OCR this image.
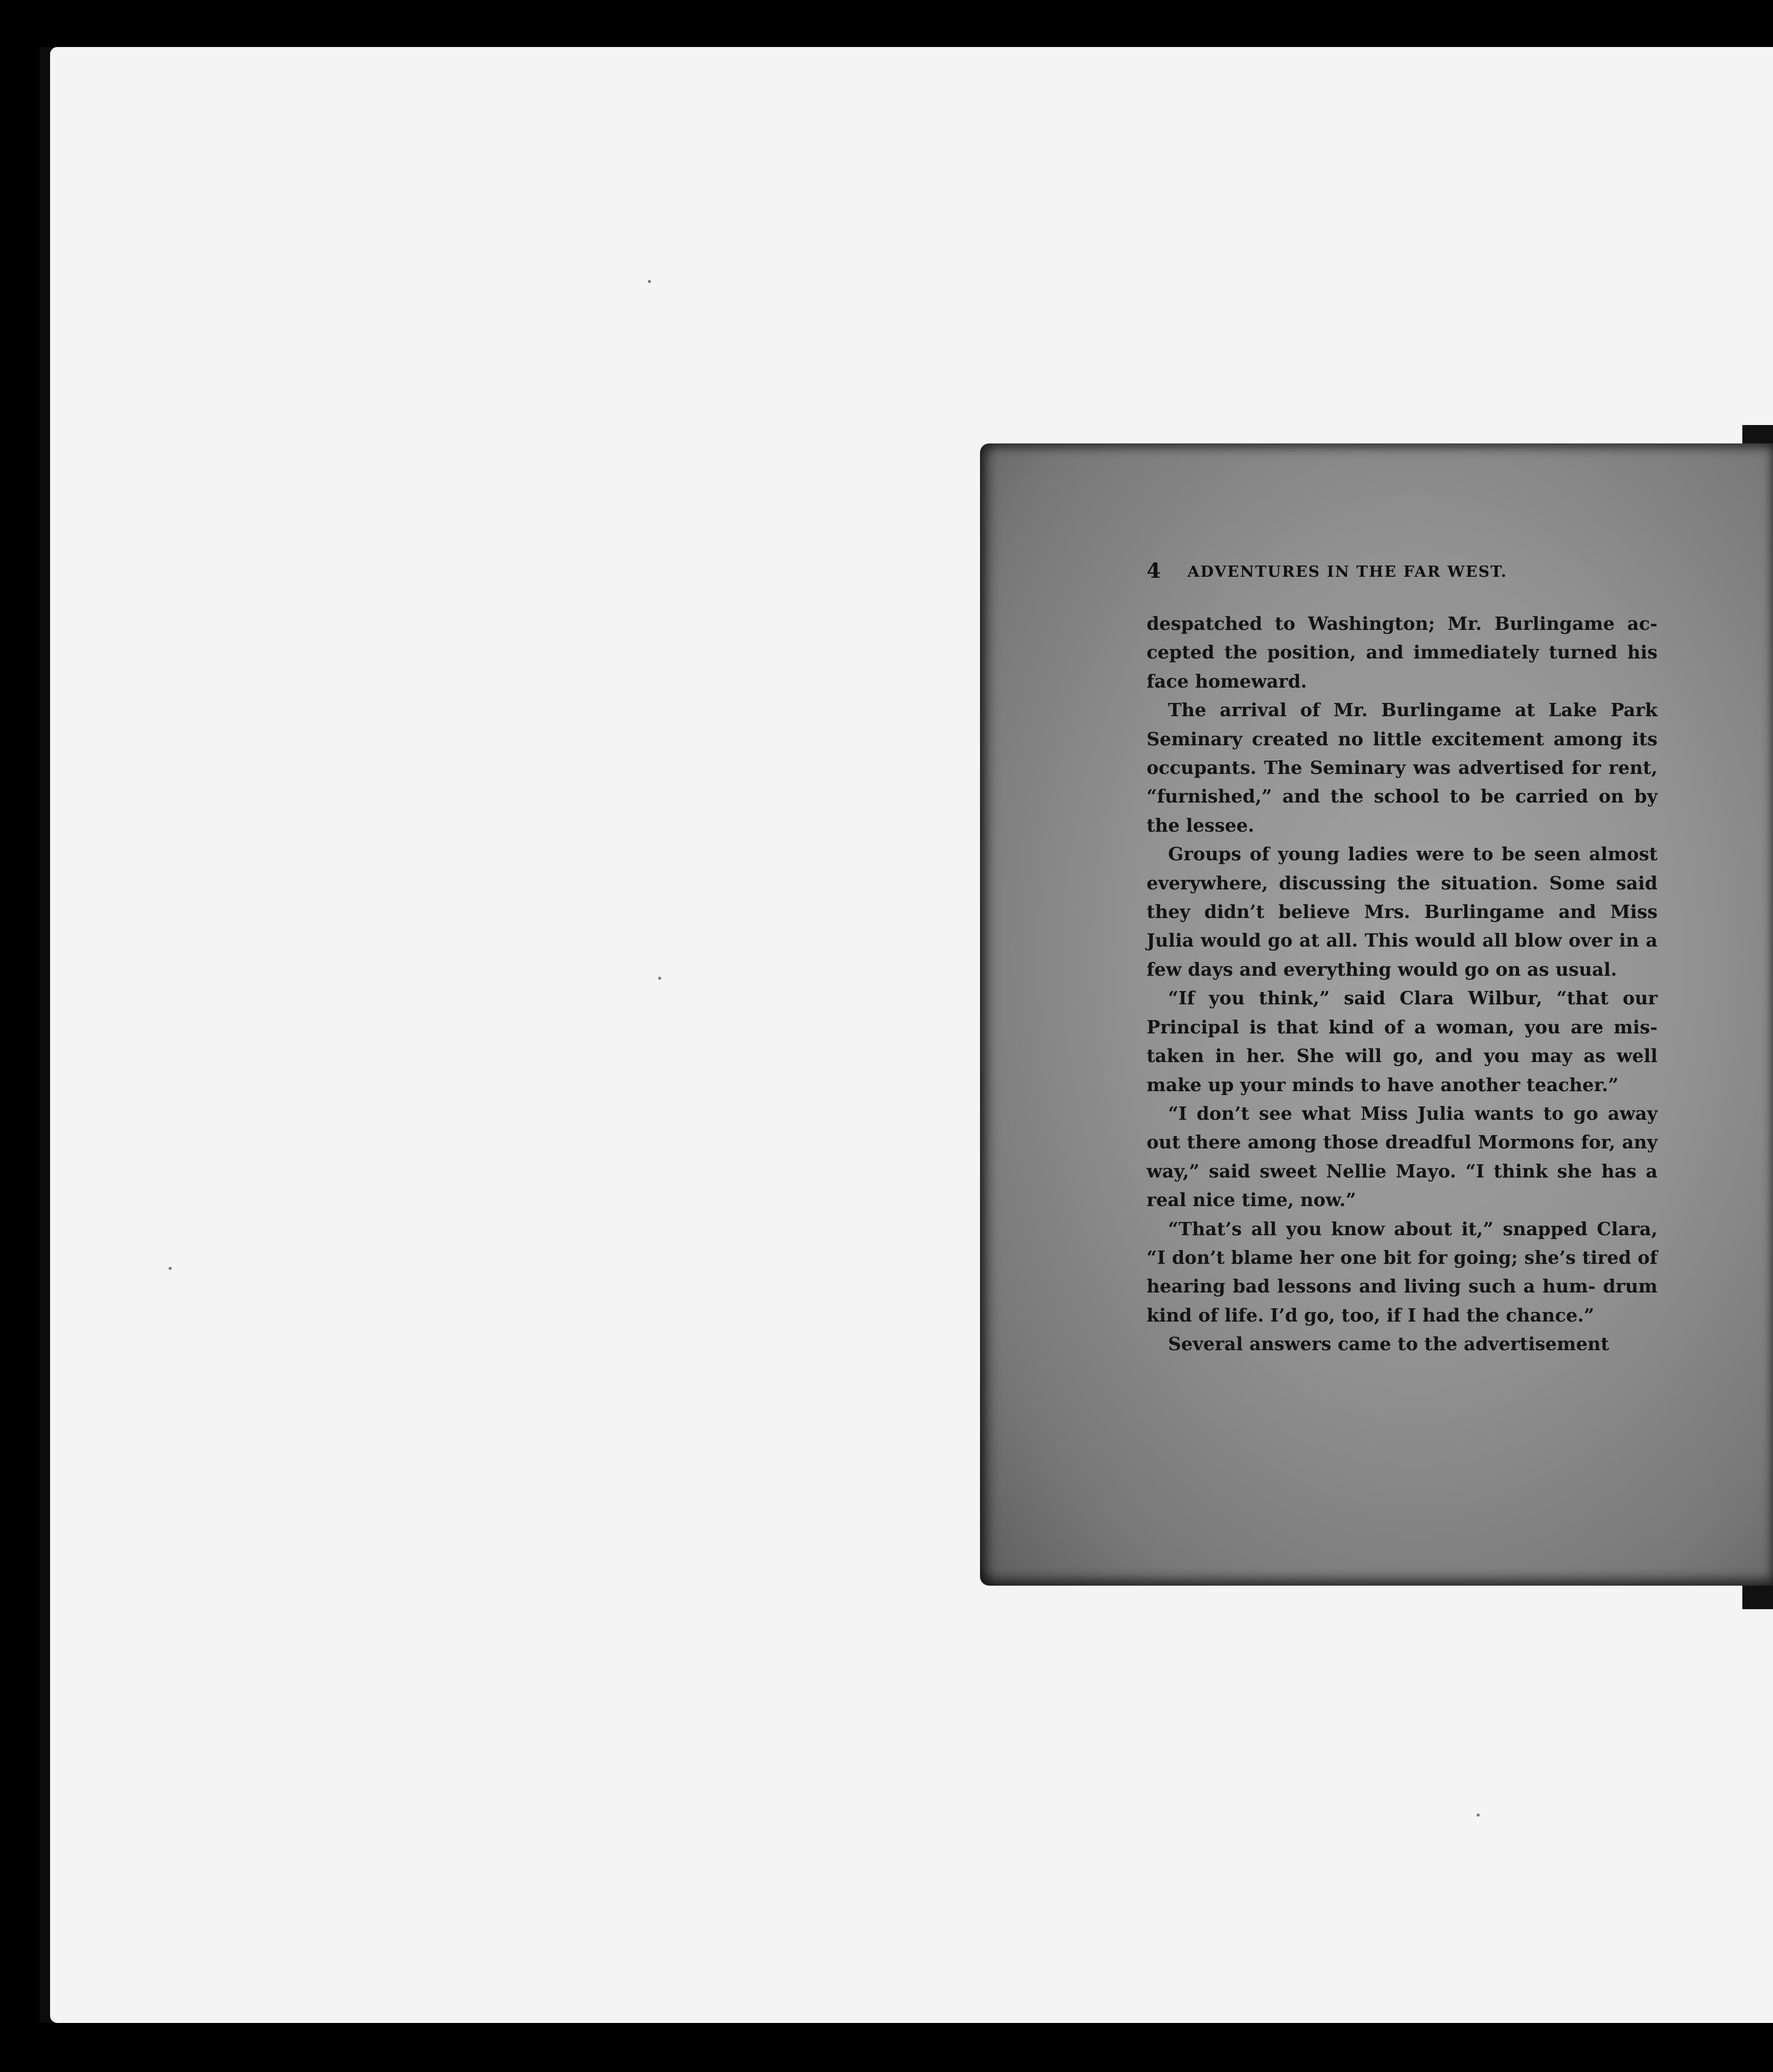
4 ADVENTURES IN THE FAR WEST.

despatched to Washington; Mr. Burlingame ac- cepted the position, and immediately turned his face homeward.

The arrival of Mr. Burlingame at Lake Park Seminary created no little excitement among its occupants. The Seminary was advertised for rent, “furnished,” and the school to be carried on by the lessee.

Groups of young ladies were to be seen almost everywhere, discussing the situation. Some said they didn’t believe Mrs. Burlingame and Miss Julia would go at all. This would all blow over in a few days and everything would go on as usual.

“If you think,” said Clara Wilbur, “that our Principal is that kind of a woman, you are mis- taken in her. She will go, and you may as well make up your minds to have another teacher.”

“I don’t see what Miss Julia wants to go away out there among those dreadful Mormons for, any way,” said sweet Nellie Mayo. “I think she has a real nice time, now.”

“That’s all you know about it,” snapped Clara, “I don’t blame her one bit for going; she’s tired of hearing bad lessons and living such a hum- drum kind of life. I’d go, too, if I had the chance.”

Several answers came to the advertisement
